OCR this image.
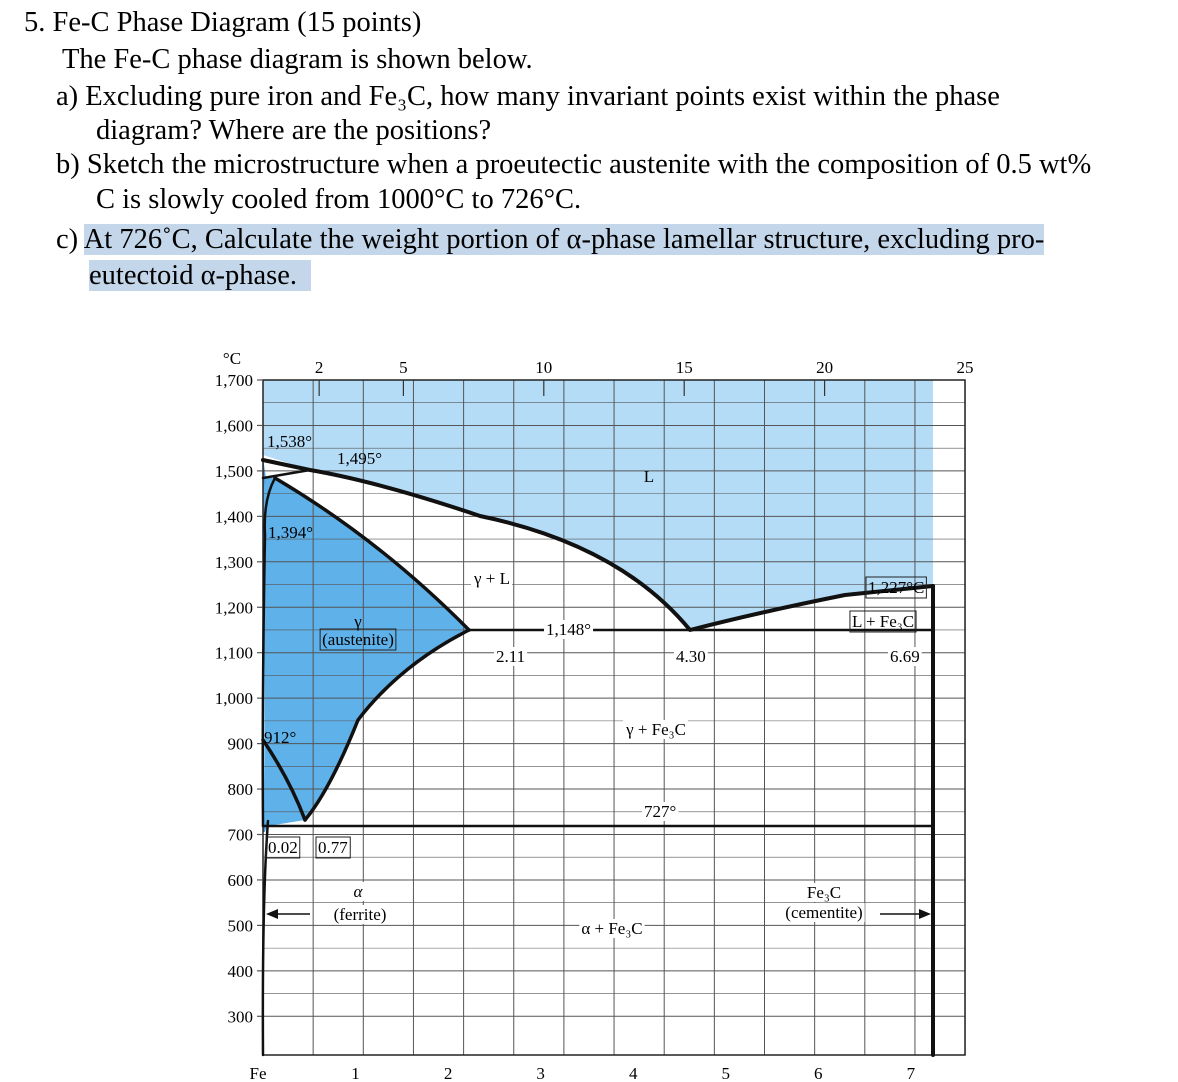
5. Fe-C Phase Diagram (15 points)
The Fe-C phase diagram is shown below.
a) Excluding pure iron and Fe₃C, how many invariant points exist within the phase
diagram? Where are the positions?
b) Sketch the microstructure when a proeutectic austenite with the composition of 0.5 wt%
C is slowly cooled from 1000°C to 726°C.
c) At 726˚C, Calculate the weight portion of α-phase lamellar structure, excluding pro-
eutectoid α-phase.
°C
1,700
1,600
1,500
1,400
1,300
1,200
1,100
1,000
900
800
700
600
500
400
300
2	5	10	15	20	25
Fe	1	2	3	4	5	6	7
1,538°
1,495°
1,394°
912°
1,148°
727°
1,227°C
2.11	4.30	6.69
0.02 0.77
L
γ + L
γ
(austenite)
γ + Fe₃C
α
(ferrite)
α + Fe₃C
L + Fe₃C
Fe₃C
(cementite)
